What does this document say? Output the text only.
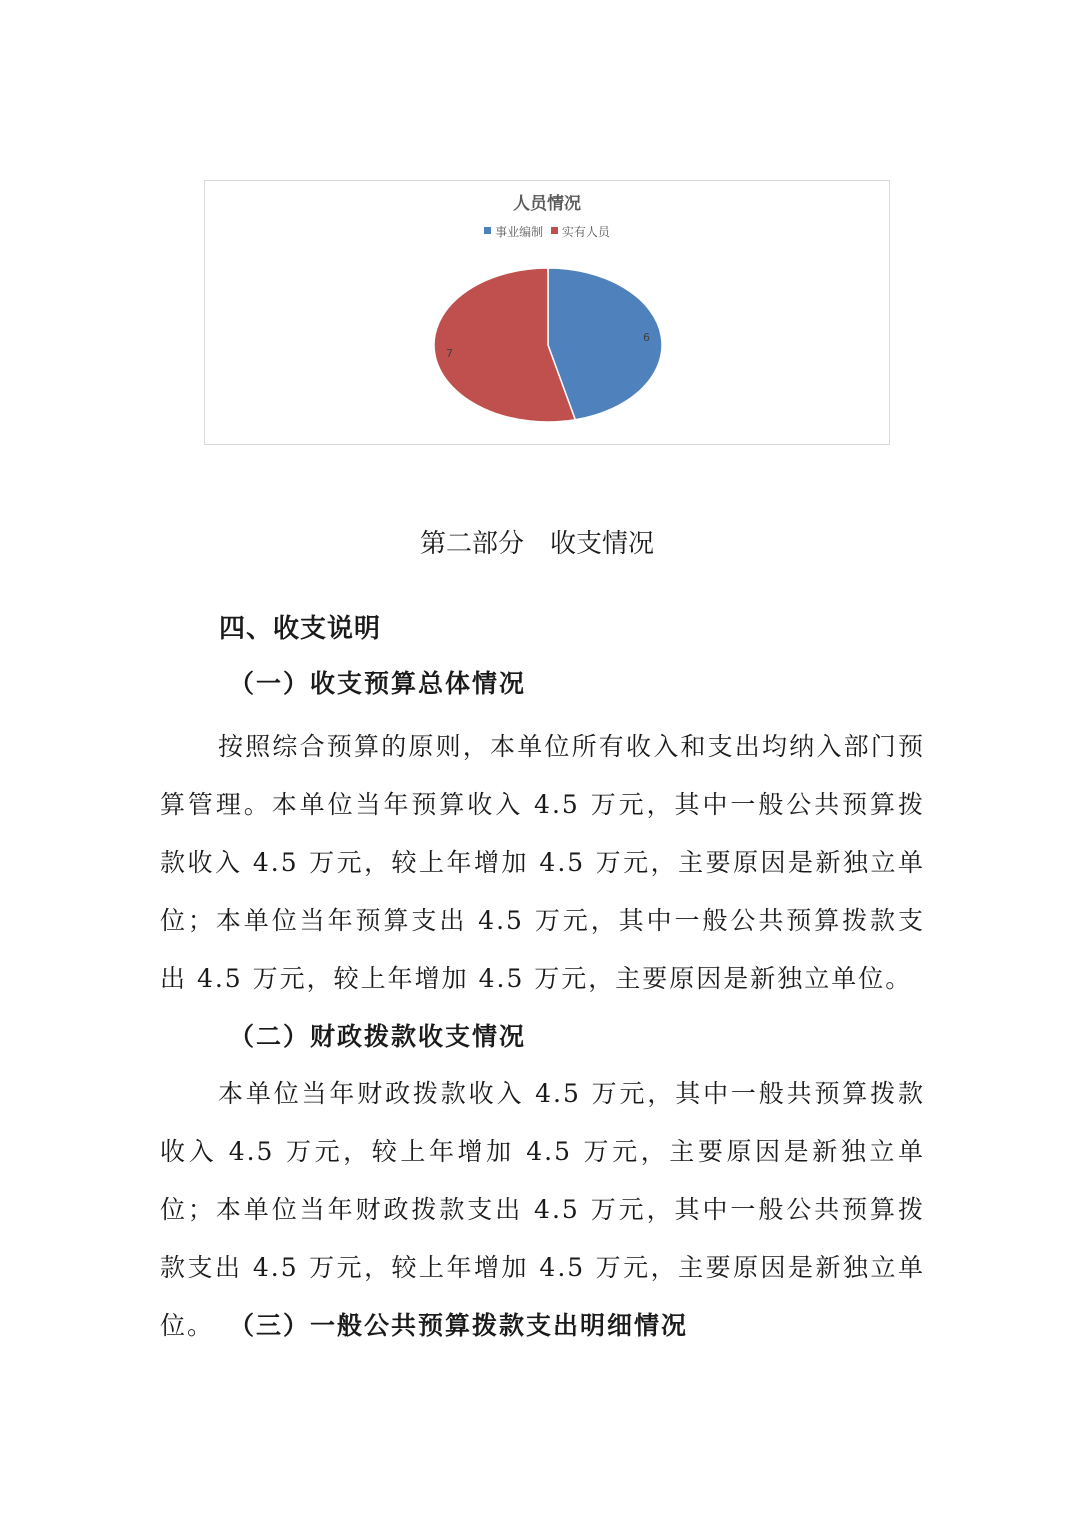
6
7
人员情况
事业编制 实有人员
第二部分　收支情况
四、收支说明
（一）收支预算总体情况

按照综合预算的原则，本单位所有收入和支出均纳入部门预算管理。本单位当年预算收入 4.5 万元，其中一般公共预算拨款收入 4.5 万元，较上年增加 4.5 万元，主要原因是新独立单位；本单位当年预算支出 4.5 万元，其中一般公共预算拨款支出 4.5 万元，较上年增加 4.5 万元，主要原因是新独立单位。

（二）财政拨款收支情况

本单位当年财政拨款收入 4.5 万元，其中一般共预算拨款收入 4.5 万元，较上年增加 4.5 万元，主要原因是新独立单位；本单位当年财政拨款支出 4.5 万元，其中一般公共预算拨款支出 4.5 万元，较上年增加 4.5 万元，主要原因是新独立单位。 （三）一般公共预算拨款支出明细情况
